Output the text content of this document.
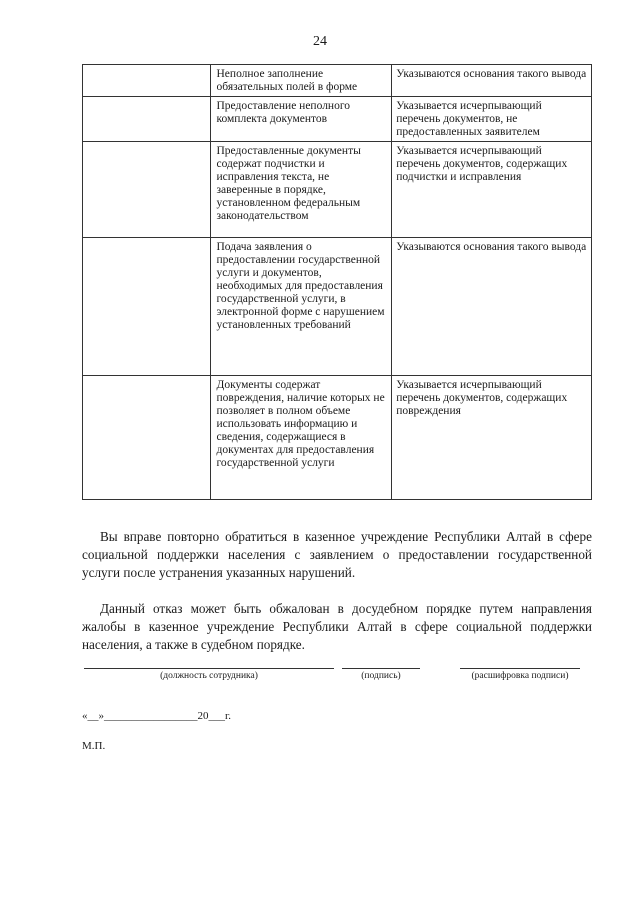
24
	Неполное заполнение обязательных полей в форме	Указываются основания такого вывода
	Предоставление неполного комплекта документов	Указывается исчерпывающий перечень документов, не предоставленных заявителем
	Предоставленные документы содержат подчистки и исправления текста, не заверенные в порядке, установленном федеральным законодательством	Указывается исчерпывающий перечень документов, содержащих подчистки и исправления
	Подача заявления о предоставлении государственной услуги и документов, необходимых для предоставления государственной услуги, в электронной форме с нарушением установленных требований	Указываются основания такого вывода
	Документы содержат повреждения, наличие которых не позволяет в полном объеме использовать информацию и сведения, содержащиеся в документах для предоставления государственной услуги	Указывается исчерпывающий перечень документов, содержащих повреждения
Вы вправе повторно обратиться в казенное учреждение Республики Алтай в сфере социальной поддержки населения с заявлением о предоставлении государственной услуги после устранения указанных нарушений.
Данный отказ может быть обжалован в досудебном порядке путем направления жалобы в казенное учреждение Республики Алтай в сфере социальной поддержки населения, а также в судебном порядке.
(должность сотрудника)	(подпись)	(расшифровка подписи)
«__»_________________20___г.
М.П.
